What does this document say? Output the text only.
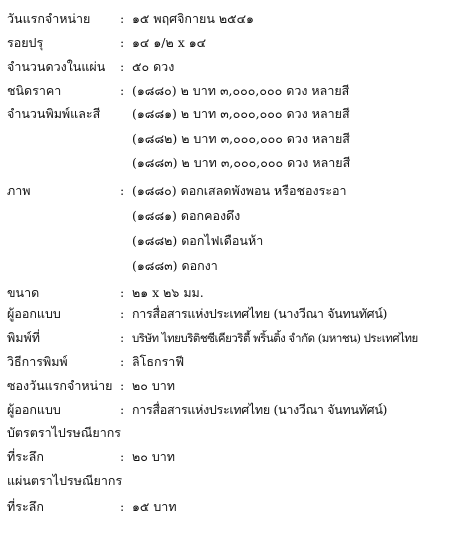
วันแรกจำหน่าย	: ๑๕ พฤศจิกายน ๒๕๔๑
รอยปรุ	: ๑๔ ๑/๒ x ๑๔
จำนวนดวงในแผ่น	: ๕๐ ดวง
ชนิดราคา	: (๑๘๘๐) ๒ บาท ๓,๐๐๐,๐๐๐ ดวง หลายสี
จำนวนพิมพ์และสี	(๑๘๘๑) ๒ บาท ๓,๐๐๐,๐๐๐ ดวง หลายสี
(๑๘๘๒) ๒ บาท ๓,๐๐๐,๐๐๐ ดวง หลายสี
(๑๘๘๓) ๒ บาท ๓,๐๐๐,๐๐๐ ดวง หลายสี
ภาพ	: (๑๘๘๐) ดอกเสลดพังพอน หรือชองระอา
(๑๘๘๑) ดอกคองดึง
(๑๘๘๒) ดอกไฟเดือนห้า
(๑๘๘๓) ดอกงา
ขนาด	: ๒๑ x ๒๖ มม.
ผู้ออกแบบ	: การสื่อสารแห่งประเทศไทย (นางวีณา จันทนทัศน์)
พิมพ์ที่	: บริษัท ไทยบริติชซีเคียวริตี้ พริ้นติ้ง จำกัด (มหาชน) ประเทศไทย
วิธีการพิมพ์	: ลิโธกราฟี
ซองวันแรกจำหน่าย : ๒๐ บาท
ผู้ออกแบบ	: การสื่อสารแห่งประเทศไทย (นางวีณา จันทนทัศน์)
บัตรตราไปรษณียากร
ที่ระลึก	: ๒๐ บาท
แผ่นตราไปรษณียากร
ที่ระลึก	: ๑๕ บาท
